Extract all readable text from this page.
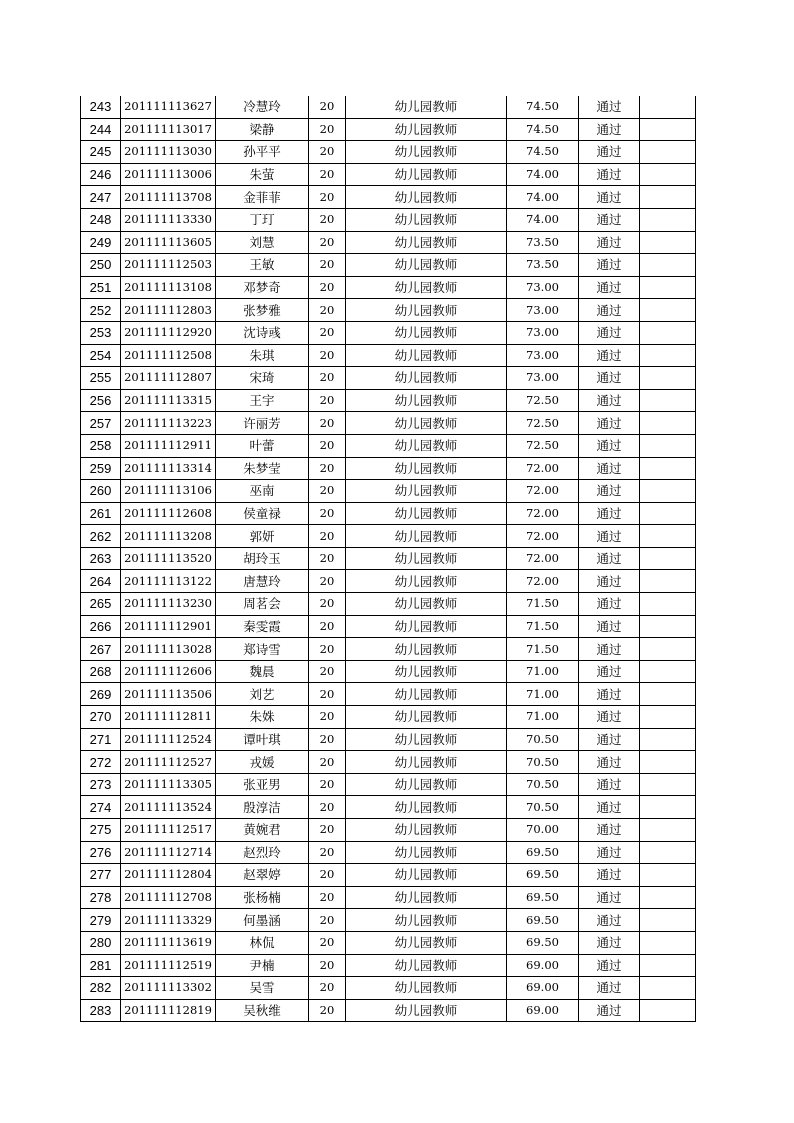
243	201111113627	冷慧玲	20	幼儿园教师	74.50	通过	
244	201111113017	梁静	20	幼儿园教师	74.50	通过	
245	201111113030	孙平平	20	幼儿园教师	74.50	通过	
246	201111113006	朱萤	20	幼儿园教师	74.00	通过	
247	201111113708	金菲菲	20	幼儿园教师	74.00	通过	
248	201111113330	丁玎	20	幼儿园教师	74.00	通过	
249	201111113605	刘慧	20	幼儿园教师	73.50	通过	
250	201111112503	王敏	20	幼儿园教师	73.50	通过	
251	201111113108	邓梦奇	20	幼儿园教师	73.00	通过	
252	201111112803	张梦雅	20	幼儿园教师	73.00	通过	
253	201111112920	沈诗彧	20	幼儿园教师	73.00	通过	
254	201111112508	朱琪	20	幼儿园教师	73.00	通过	
255	201111112807	宋琦	20	幼儿园教师	73.00	通过	
256	201111113315	王宇	20	幼儿园教师	72.50	通过	
257	201111113223	许丽芳	20	幼儿园教师	72.50	通过	
258	201111112911	叶蕾	20	幼儿园教师	72.50	通过	
259	201111113314	朱梦莹	20	幼儿园教师	72.00	通过	
260	201111113106	巫南	20	幼儿园教师	72.00	通过	
261	201111112608	侯童禄	20	幼儿园教师	72.00	通过	
262	201111113208	郭妍	20	幼儿园教师	72.00	通过	
263	201111113520	胡玲玉	20	幼儿园教师	72.00	通过	
264	201111113122	唐慧玲	20	幼儿园教师	72.00	通过	
265	201111113230	周茗会	20	幼儿园教师	71.50	通过	
266	201111112901	秦雯霞	20	幼儿园教师	71.50	通过	
267	201111113028	郑诗雪	20	幼儿园教师	71.50	通过	
268	201111112606	魏晨	20	幼儿园教师	71.00	通过	
269	201111113506	刘艺	20	幼儿园教师	71.00	通过	
270	201111112811	朱姝	20	幼儿园教师	71.00	通过	
271	201111112524	谭叶琪	20	幼儿园教师	70.50	通过	
272	201111112527	戎媛	20	幼儿园教师	70.50	通过	
273	201111113305	张亚男	20	幼儿园教师	70.50	通过	
274	201111113524	殷淳洁	20	幼儿园教师	70.50	通过	
275	201111112517	黄婉君	20	幼儿园教师	70.00	通过	
276	201111112714	赵烈玲	20	幼儿园教师	69.50	通过	
277	201111112804	赵翠婷	20	幼儿园教师	69.50	通过	
278	201111112708	张杨楠	20	幼儿园教师	69.50	通过	
279	201111113329	何墨涵	20	幼儿园教师	69.50	通过	
280	201111113619	林侃	20	幼儿园教师	69.50	通过	
281	201111112519	尹楠	20	幼儿园教师	69.00	通过	
282	201111113302	吴雪	20	幼儿园教师	69.00	通过	
283	201111112819	吴秋维	20	幼儿园教师	69.00	通过	
